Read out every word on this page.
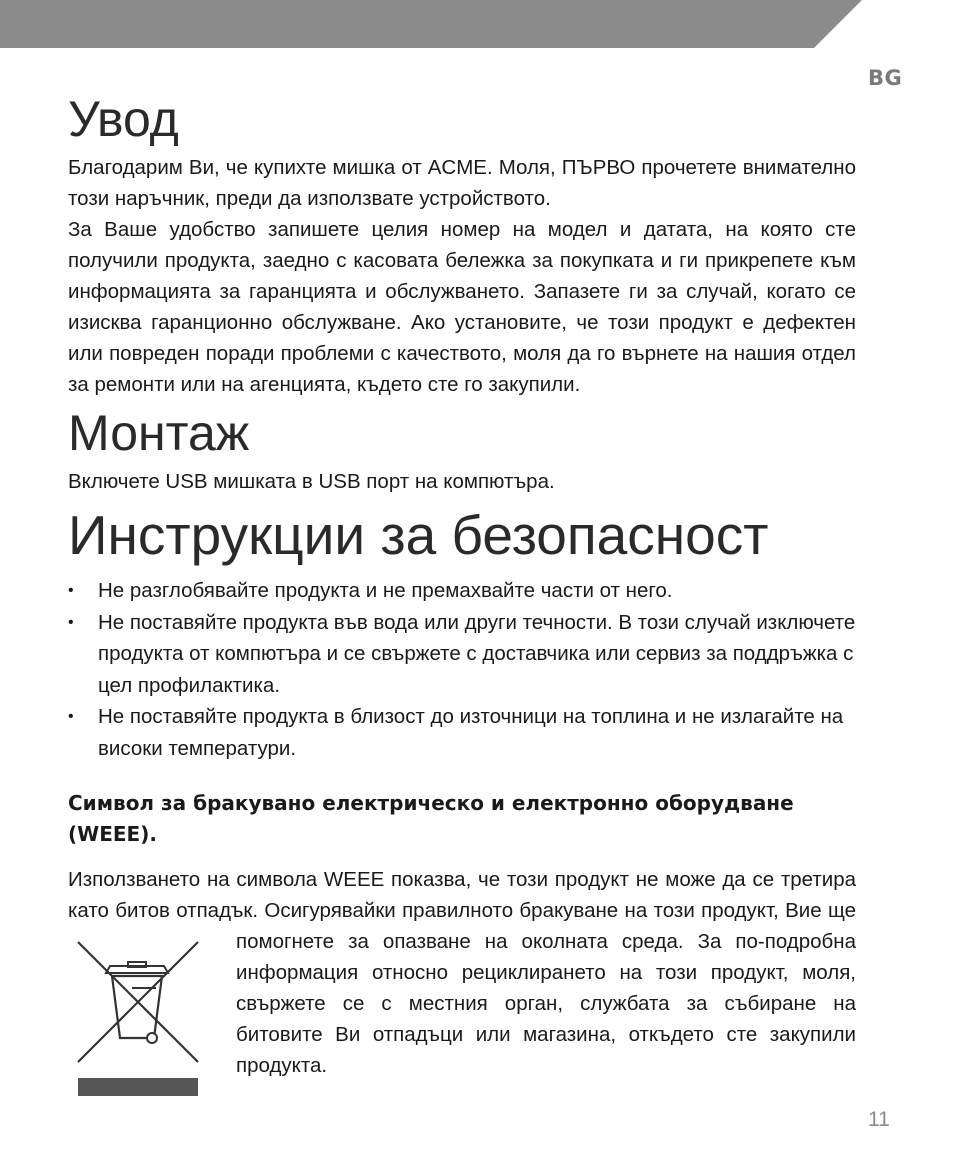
BG
Увод

Благодарим Ви, че купихте мишка от ACME. Моля, ПЪРВО прочетете внимателно този наръчник, преди да използвате устройството.

За Ваше удобство запишете целия номер на модел и датата, на която сте получили продукта, заедно с касовата бележка за покупката и ги прикрепете към информацията за гаранцията и обслужването. Запазете ги за случай, когато се изисква гаранционно обслужване. Ако установите, че този продукт е дефектен или повреден поради проблеми с качеството, моля да го върнете на нашия отдел за ремонти или на агенцията, където сте го закупили.

Монтаж

Включете USB мишката в USB порт на компютъра.

Инструкции за безопасност
• Не разглобявайте продукта и не премахвайте части от него.
• Не поставяйте продукта във вода или други течности. В този случай изключете продукта от компютъра и се свържете с доставчика или сервиз за поддръжка с цел профилактика.
• Не поставяйте продукта в близост до източници на топлина и не излагайте на високи температури.
Символ за бракувано електрическо и електронно оборудване (WEEE).
Използването на символа WEEE показва, че този продукт не може да се третира като битов отпадък. Осигурявайки правилното бракуване на този продукт, Вие ще помогнете за опазване на околната среда. За по-подробна информация относно рециклирането на този продукт, моля, свържете се с местния орган, службата за събиране на битовите Ви отпадъци или магазина, откъдето сте закупили продукта.
11
